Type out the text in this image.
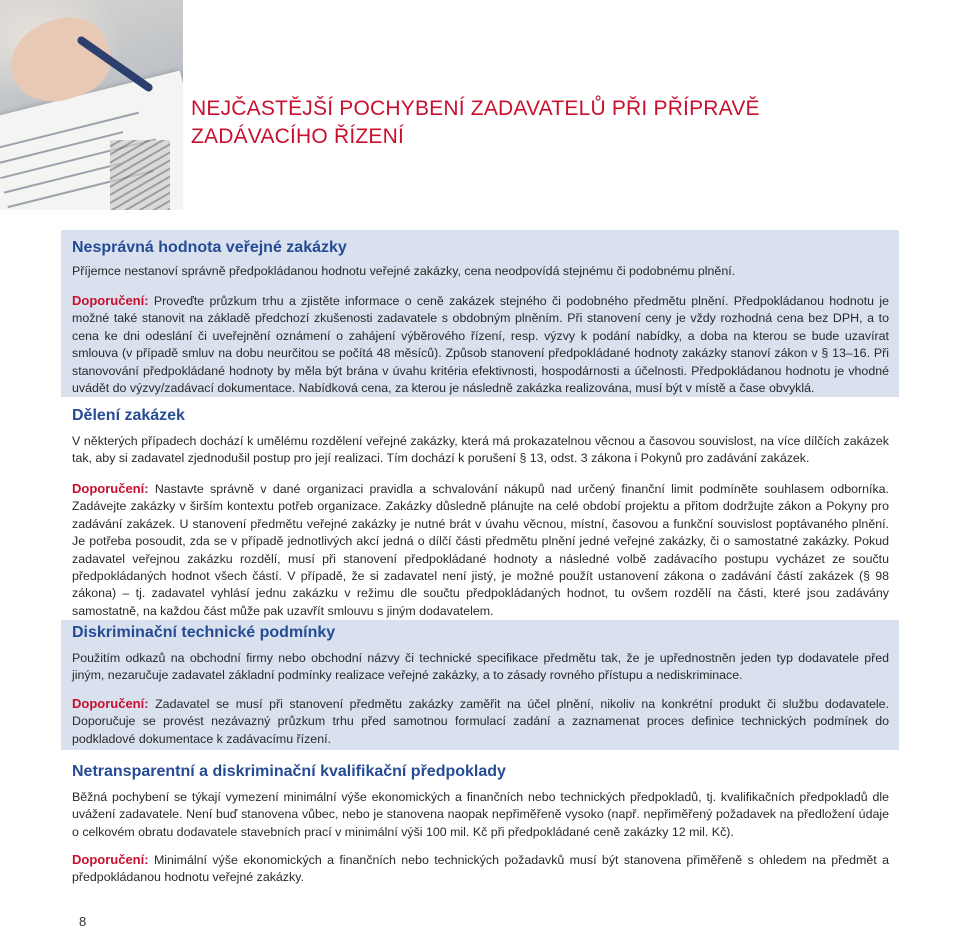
NEJČASTĚJŠÍ POCHYBENÍ ZADAVATELŮ PŘI PŘÍPRAVĚ
ZADÁVACÍHO ŘÍZENÍ
Nesprávná hodnota veřejné zakázky

Příjemce nestanoví správně předpokládanou hodnotu veřejné zakázky, cena neodpovídá stejnému či podobnému plnění.

Doporučení: Proveďte průzkum trhu a zjistěte informace o ceně zakázek stejného či podobného předmětu plnění. Předpokládanou hodnotu je možné také stanovit na základě předchozí zkušenosti zadavatele s obdobným plněním. Při stanovení ceny je vždy rozhodná cena bez DPH, a to cena ke dni odeslání či uveřejnění oznámení o zahájení výběrového řízení, resp. výzvy k podání nabídky, a doba na kterou se bude uzavírat smlouva (v případě smluv na dobu neurčitou se počítá 48 měsíců). Způsob stanovení předpokládané hodnoty zakázky stanoví zákon v § 13–16. Při stanovování předpokládané hodnoty by měla být brána v úvahu kritéria efektivnosti, hospodárnosti a účelnosti. Předpokládanou hodnotu je vhodné uvádět do výzvy/zadávací dokumentace. Nabídková cena, za kterou je následně zakázka realizována, musí být v místě a čase obvyklá.

Dělení zakázek

V některých případech dochází k umělému rozdělení veřejné zakázky, která má prokazatelnou věcnou a časovou souvislost, na více dílčích zakázek tak, aby si zadavatel zjednodušil postup pro její realizaci. Tím dochází k porušení § 13, odst. 3 zákona i Pokynů pro zadávání zakázek.

Doporučení: Nastavte správně v dané organizaci pravidla a schvalování nákupů nad určený finanční limit podmíněte souhlasem odborníka. Zadávejte zakázky v širším kontextu potřeb organizace. Zakázky důsledně plánujte na celé období projektu a přitom dodržujte zákon a Pokyny pro zadávání zakázek. U stanovení předmětu veřejné zakázky je nutné brát v úvahu věcnou, místní, časovou a funkční souvislost poptávaného plnění. Je potřeba posoudit, zda se v případě jednotlivých akcí jedná o dílčí části předmětu plnění jedné veřejné zakázky, či o samostatné zakázky. Pokud zadavatel veřejnou zakázku rozdělí, musí při stanovení předpokládané hodnoty a následné volbě zadávacího postupu vycházet ze součtu předpokládaných hodnot všech částí. V případě, že si zadavatel není jistý, je možné použít ustanovení zákona o zadávání částí zakázek (§ 98 zákona) – tj. zadavatel vyhlásí jednu zakázku v režimu dle součtu předpokládaných hodnot, tu ovšem rozdělí na části, které jsou zadávány samostatně, na každou část může pak uzavřít smlouvu s jiným dodavatelem.

Diskriminační technické podmínky

Použitím odkazů na obchodní firmy nebo obchodní názvy či technické specifikace předmětu tak, že je upřednostněn jeden typ dodavatele před jiným, nezaručuje zadavatel základní podmínky realizace veřejné zakázky, a to zásady rovného přístupu a nediskriminace.

Doporučení: Zadavatel se musí při stanovení předmětu zakázky zaměřit na účel plnění, nikoliv na konkrétní produkt či službu dodavatele. Doporučuje se provést nezávazný průzkum trhu před samotnou formulací zadání a zaznamenat proces definice technických podmínek do podkladové dokumentace k zadávacímu řízení.

Netransparentní a diskriminační kvalifikační předpoklady

Běžná pochybení se týkají vymezení minimální výše ekonomických a finančních nebo technických předpokladů, tj. kvalifikačních předpokladů dle uvážení zadavatele. Není buď stanovena vůbec, nebo je stanovena naopak nepřiměřeně vysoko (např. nepřiměřený požadavek na předložení údaje o celkovém obratu dodavatele stavebních prací v minimální výši 100 mil. Kč při předpokládané ceně zakázky 12 mil. Kč).

Doporučení: Minimální výše ekonomických a finančních nebo technických požadavků musí být stanovena přiměřeně s ohledem na předmět a předpokládanou hodnotu veřejné zakázky.

8
